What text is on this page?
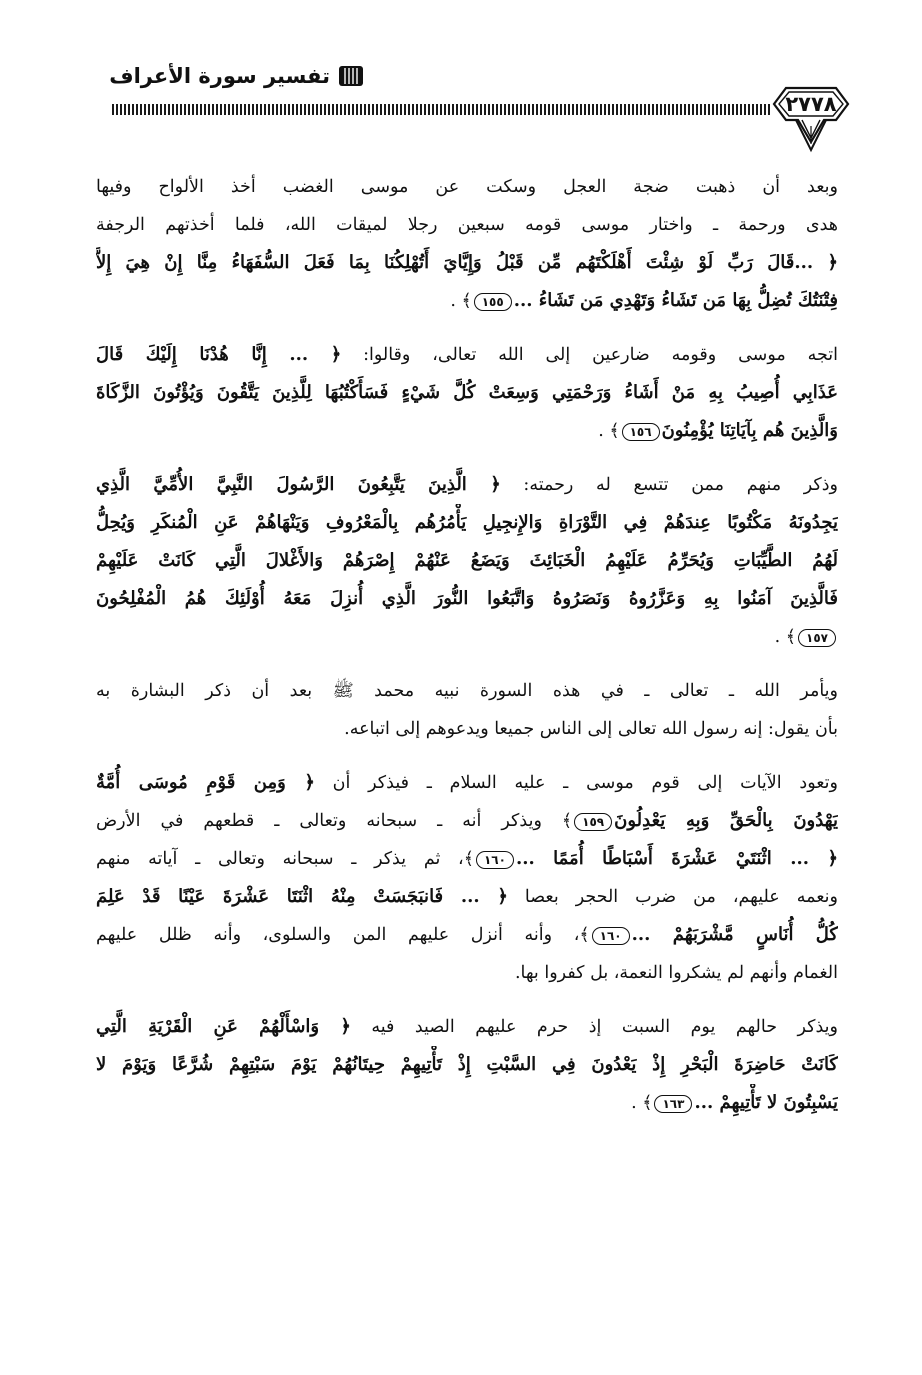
٢٧٧٨
تفسير سورة الأعراف
وبعد أن ذهبت ضجة العجل وسكت عن موسى الغضب أخذ الألواح وفيها
هدى ورحمة ـ واختار موسى قومه سبعين رجلا لميقات الله، فلما أخذتهم الرجفة
﴿ ...قَالَ رَبِّ لَوْ شِئْتَ أَهْلَكْتَهُم مِّن قَبْلُ وَإِيَّايَ أَتُهْلِكُنَا بِمَا فَعَلَ السُّفَهَاءُ مِنَّا إِنْ هِيَ إِلاَّ
فِتْنَتُكَ تُضِلُّ بِهَا مَن تَشَاءُ وَتَهْدِي مَن تَشَاءُ ...١٥٥﴾ .
اتجه موسى وقومه ضارعين إلى الله تعالى، وقالوا: ﴿ ... إِنَّا هُدْنَا إِلَيْكَ قَالَ
عَذَابِي أُصِيبُ بِهِ مَنْ أَشَاءُ وَرَحْمَتِي وَسِعَتْ كُلَّ شَيْءٍ فَسَأَكْتُبُهَا لِلَّذِينَ يَتَّقُونَ وَيُؤْتُونَ الزَّكَاةَ
وَالَّذِينَ هُم بِآيَاتِنَا يُؤْمِنُونَ١٥٦﴾ .
وذكر منهم ممن تتسع له رحمته: ﴿ الَّذِينَ يَتَّبِعُونَ الرَّسُولَ النَّبِيَّ الأُمِّيَّ الَّذِي
يَجِدُونَهُ مَكْتُوبًا عِندَهُمْ فِي التَّوْرَاةِ وَالإِنجِيلِ يَأْمُرُهُم بِالْمَعْرُوفِ وَيَنْهَاهُمْ عَنِ الْمُنكَرِ وَيُحِلُّ
لَهُمُ الطَّيِّبَاتِ وَيُحَرِّمُ عَلَيْهِمُ الْخَبَائِثَ وَيَضَعُ عَنْهُمْ إِصْرَهُمْ وَالأَغْلالَ الَّتِي كَانَتْ عَلَيْهِمْ
فَالَّذِينَ آمَنُوا بِهِ وَعَزَّرُوهُ وَنَصَرُوهُ وَاتَّبَعُوا النُّورَ الَّذِي أُنزِلَ مَعَهُ أُوْلَئِكَ هُمُ الْمُفْلِحُونَ
١٥٧﴾ .
ويأمر الله ـ تعالى ـ في هذه السورة نبيه محمد ﷺ بعد أن ذكر البشارة به
بأن يقول: إنه رسول الله تعالى إلى الناس جميعا ويدعوهم إلى اتباعه.
وتعود الآيات إلى قوم موسى ـ عليه السلام ـ فيذكر أن ﴿ وَمِن قَوْمِ مُوسَى أُمَّةٌ
يَهْدُونَ بِالْحَقِّ وَبِهِ يَعْدِلُونَ١٥٩﴾ ويذكر أنه ـ سبحانه وتعالى ـ قطعهم في الأرض
﴿ ... اثْنَتَيْ عَشْرَةَ أَسْبَاطًا أُمَمًا ...١٦٠﴾، ثم يذكر ـ سبحانه وتعالى ـ آياته منهم
ونعمه عليهم، من ضرب الحجر بعصا ﴿ ... فَانبَجَسَتْ مِنْهُ اثْنَتَا عَشْرَةَ عَيْنًا قَدْ عَلِمَ
كُلُّ أُنَاسٍ مَّشْرَبَهُمْ ...١٦٠﴾، وأنه أنزل عليهم المن والسلوى، وأنه ظلل عليهم
الغمام وأنهم لم يشكروا النعمة، بل كفروا بها.
ويذكر حالهم يوم السبت إذ حرم عليهم الصيد فيه ﴿ وَاسْأَلْهُمْ عَنِ الْقَرْيَةِ الَّتِي
كَانَتْ حَاضِرَةَ الْبَحْرِ إِذْ يَعْدُونَ فِي السَّبْتِ إِذْ تَأْتِيهِمْ حِيتَانُهُمْ يَوْمَ سَبْتِهِمْ شُرَّعًا وَيَوْمَ لا
يَسْبِتُونَ لا تَأْتِيهِمْ ...١٦٣﴾ .
